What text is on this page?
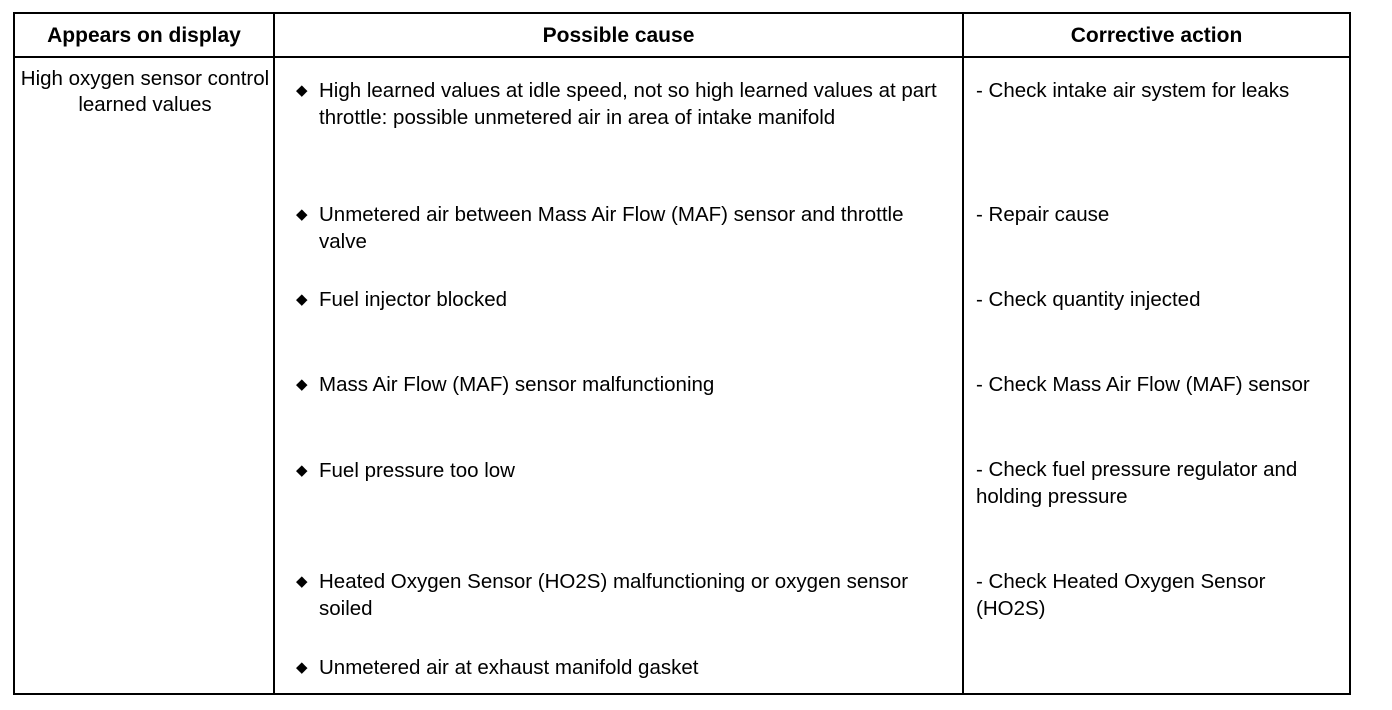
Appears on display	Possible cause	Corrective action
High oxygen sensor control learned values
◆ High learned values at idle speed, not so high learned values at part throttle: possible unmetered air in area of intake manifold
◆ Unmetered air between Mass Air Flow (MAF) sensor and throttle valve
◆ Fuel injector blocked
◆ Mass Air Flow (MAF) sensor malfunctioning
◆ Fuel pressure too low
◆ Heated Oxygen Sensor (HO2S) malfunctioning or oxygen sensor soiled
◆ Unmetered air at exhaust manifold gasket
- Check intake air system for leaks
- Repair cause
- Check quantity injected
- Check Mass Air Flow (MAF) sensor
- Check fuel pressure regulator and holding pressure
- Check Heated Oxygen Sensor (HO2S)
